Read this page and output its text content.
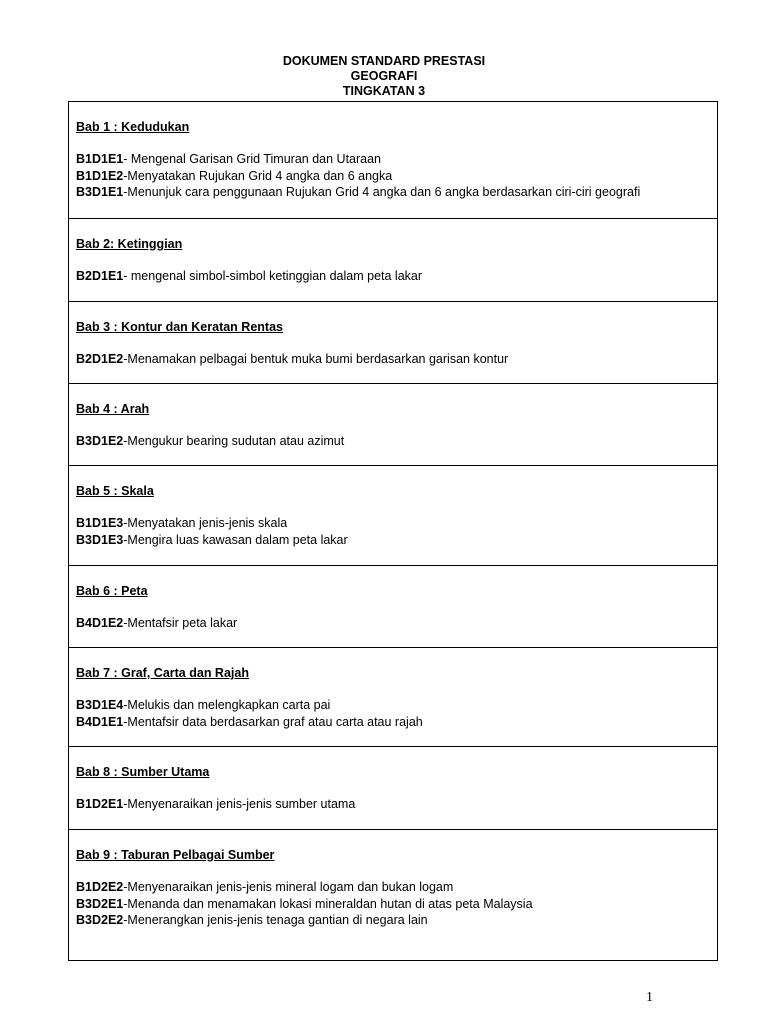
DOKUMEN STANDARD PRESTASI
GEOGRAFI
TINGKATAN 3
Bab 1 : Kedudukan
B1D1E1- Mengenal Garisan Grid Timuran dan Utaraan
B1D1E2-Menyatakan Rujukan Grid 4 angka dan 6 angka
B3D1E1-Menunjuk cara penggunaan Rujukan Grid 4 angka dan 6 angka berdasarkan ciri-ciri geografi
Bab 2: Ketinggian
B2D1E1- mengenal simbol-simbol ketinggian dalam peta lakar
Bab 3 : Kontur dan Keratan Rentas
B2D1E2-Menamakan pelbagai bentuk muka bumi berdasarkan garisan kontur
Bab 4 : Arah
B3D1E2-Mengukur bearing sudutan atau azimut
Bab 5 : Skala
B1D1E3-Menyatakan jenis-jenis skala
B3D1E3-Mengira luas kawasan dalam peta lakar
Bab 6 : Peta
B4D1E2-Mentafsir peta lakar
Bab 7 : Graf, Carta dan Rajah
B3D1E4-Melukis dan melengkapkan carta pai
B4D1E1-Mentafsir data berdasarkan graf atau carta atau rajah
Bab 8 : Sumber Utama
B1D2E1-Menyenaraikan jenis-jenis sumber utama
Bab 9 : Taburan Pelbagai Sumber
B1D2E2-Menyenaraikan jenis-jenis mineral logam dan bukan logam
B3D2E1-Menanda dan menamakan lokasi mineraldan hutan di atas peta Malaysia
B3D2E2-Menerangkan jenis-jenis tenaga gantian di negara lain
1
